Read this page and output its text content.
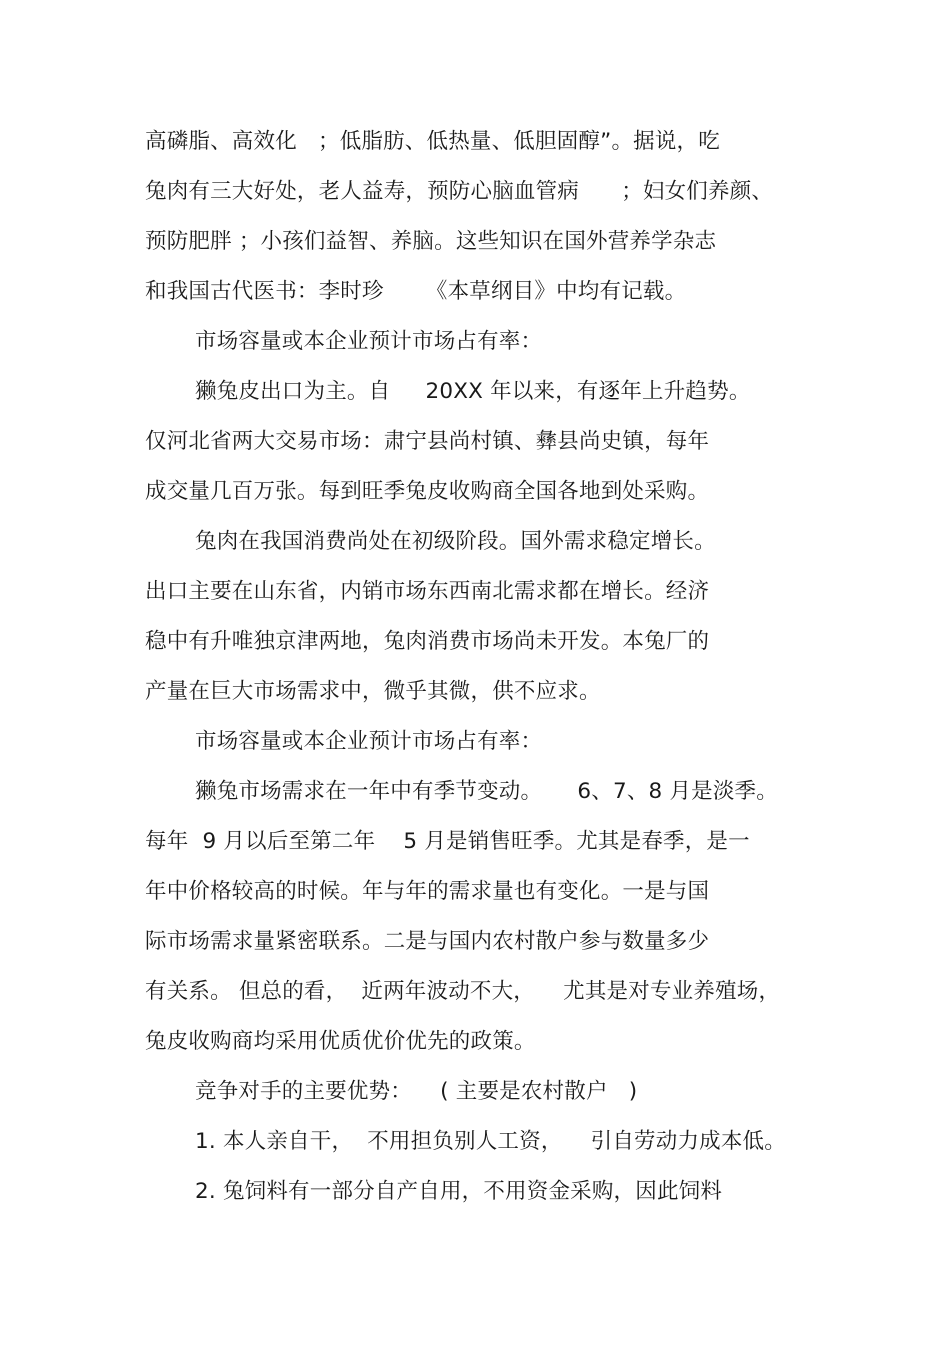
高磷脂、高效化   ；低脂肪、低热量、低胆固醇”。据说，吃
兔肉有三大好处，老人益寿，预防心脑血管病      ；妇女们养颜、
预防肥胖 ；小孩们益智、养脑。这些知识在国外营养学杂志
和我国古代医书：李时珍      《本草纲目》中均有记载。
市场容量或本企业预计市场占有率：
獭兔皮出口为主。自     20XX 年以来，有逐年上升趋势。
仅河北省两大交易市场：肃宁县尚村镇、彝县尚史镇，每年
成交量几百万张。每到旺季兔皮收购商全国各地到处采购。
兔肉在我国消费尚处在初级阶段。国外需求稳定增长。
出口主要在山东省，内销市场东西南北需求都在增长。经济
稳中有升唯独京津两地，兔肉消费市场尚未开发。本兔厂的
产量在巨大市场需求中，微乎其微，供不应求。
市场容量或本企业预计市场占有率：
獭兔市场需求在一年中有季节变动。     6、7、8 月是淡季。
每年  9 月以后至第二年    5 月是销售旺季。尤其是春季，是一
年中价格较高的时候。年与年的需求量也有变化。一是与国
际市场需求量紧密联系。二是与国内农村散户参与数量多少
有关系。 但总的看，  近两年波动不大，    尤其是对专业养殖场，
兔皮收购商均采用优质优价优先的政策。
竞争对手的主要优势：    ( 主要是农村散户   )
1. 本人亲自干，  不用担负别人工资，    引自劳动力成本低。
2. 兔饲料有一部分自产自用，不用资金采购，因此饲料
